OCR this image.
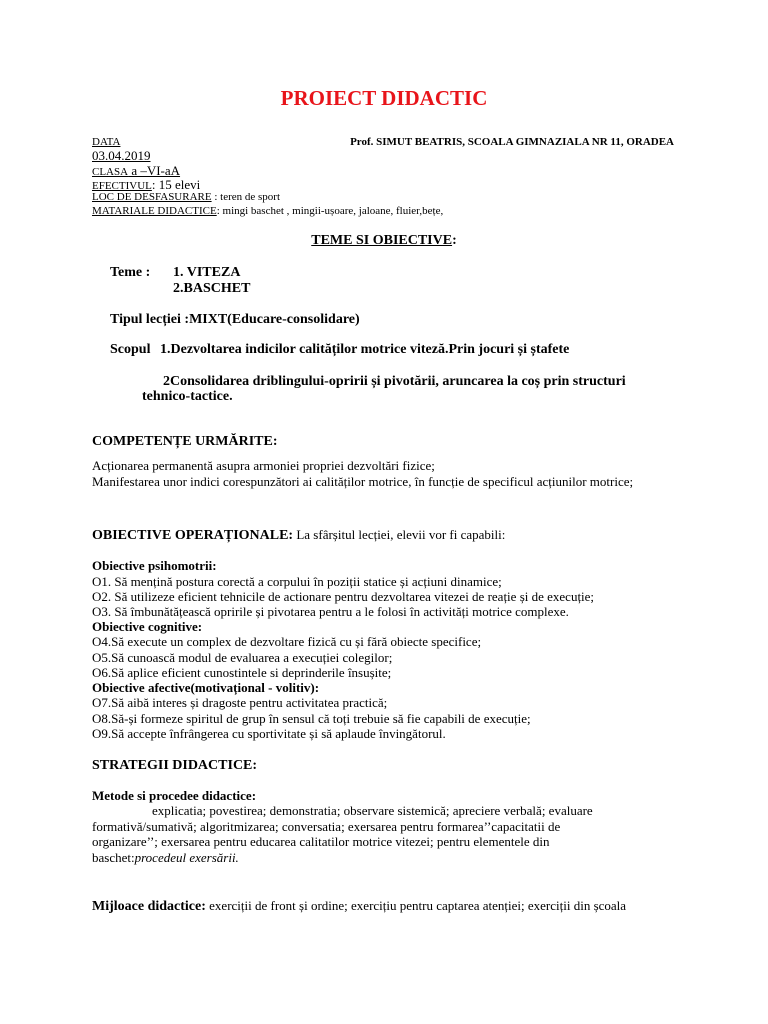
PROIECT DIDACTIC
DATA	Prof. SIMUT BEATRIS, SCOALA GIMNAZIALA NR 11, ORADEA
03.04.2019
CLASA a –VI-aA
EFECTIVUL: 15 elevi
LOC DE DESFASURARE : teren de sport
MATARIALE DIDACTICE: mingi baschet , mingii-ușoare, jaloane, fluier,bețe,
TEME SI OBIECTIVE:
Teme : 1. VITEZA
2.BASCHET
Tipul lecției :MIXT(Educare-consolidare)
Scopul 1.Dezvoltarea indicilor calităților motrice viteză.Prin jocuri și ștafete
2Consolidarea driblingului-opririi și pivotării, aruncarea la coș prin structuri
tehnico-tactice.
COMPETENȚE URMĂRITE:
Acționarea permanentă asupra armoniei propriei dezvoltări fizice;
Manifestarea unor indici corespunzători ai calităților motrice, în funcție de specificul acțiunilor motrice;
OBIECTIVE OPERAȚIONALE: La sfârșitul lecției, elevii vor fi capabili:
Obiective psihomotrii:
O1. Să mențină postura corectă a corpului în poziții statice și acțiuni dinamice;
O2. Să utilizeze eficient tehnicile de actionare pentru dezvoltarea vitezei de reație și de execuție;
O3. Să îmbunătățească opririle și pivotarea pentru a le folosi în activități motrice complexe.
Obiective cognitive:
O4.Să execute un complex de dezvoltare fizică cu și fără obiecte specifice;
O5.Să cunoască modul de evaluarea a execuției colegilor;
O6.Să aplice eficient cunostintele si deprinderile însușite;
Obiective afective(motivațional - volitiv):
O7.Să aibă interes și dragoste pentru activitatea practică;
O8.Să-și formeze spiritul de grup în sensul că toți trebuie să fie capabili de execuție;
O9.Să accepte înfrângerea cu sportivitate și să aplaude învingătorul.
STRATEGII DIDACTICE:
Metode si procedee didactice:
explicatia; povestirea; demonstratia; observare sistemică; apreciere verbală; evaluare
formativă/sumativă; algoritmizarea; conversatia; exersarea pentru formarea’’capacitatii de
organizare’’; exersarea pentru educarea calitatilor motrice vitezei; pentru elementele din
baschet:procedeul exersării.
Mijloace didactice: exerciții de front și ordine; exercițiu pentru captarea atenției; exerciții din școala
